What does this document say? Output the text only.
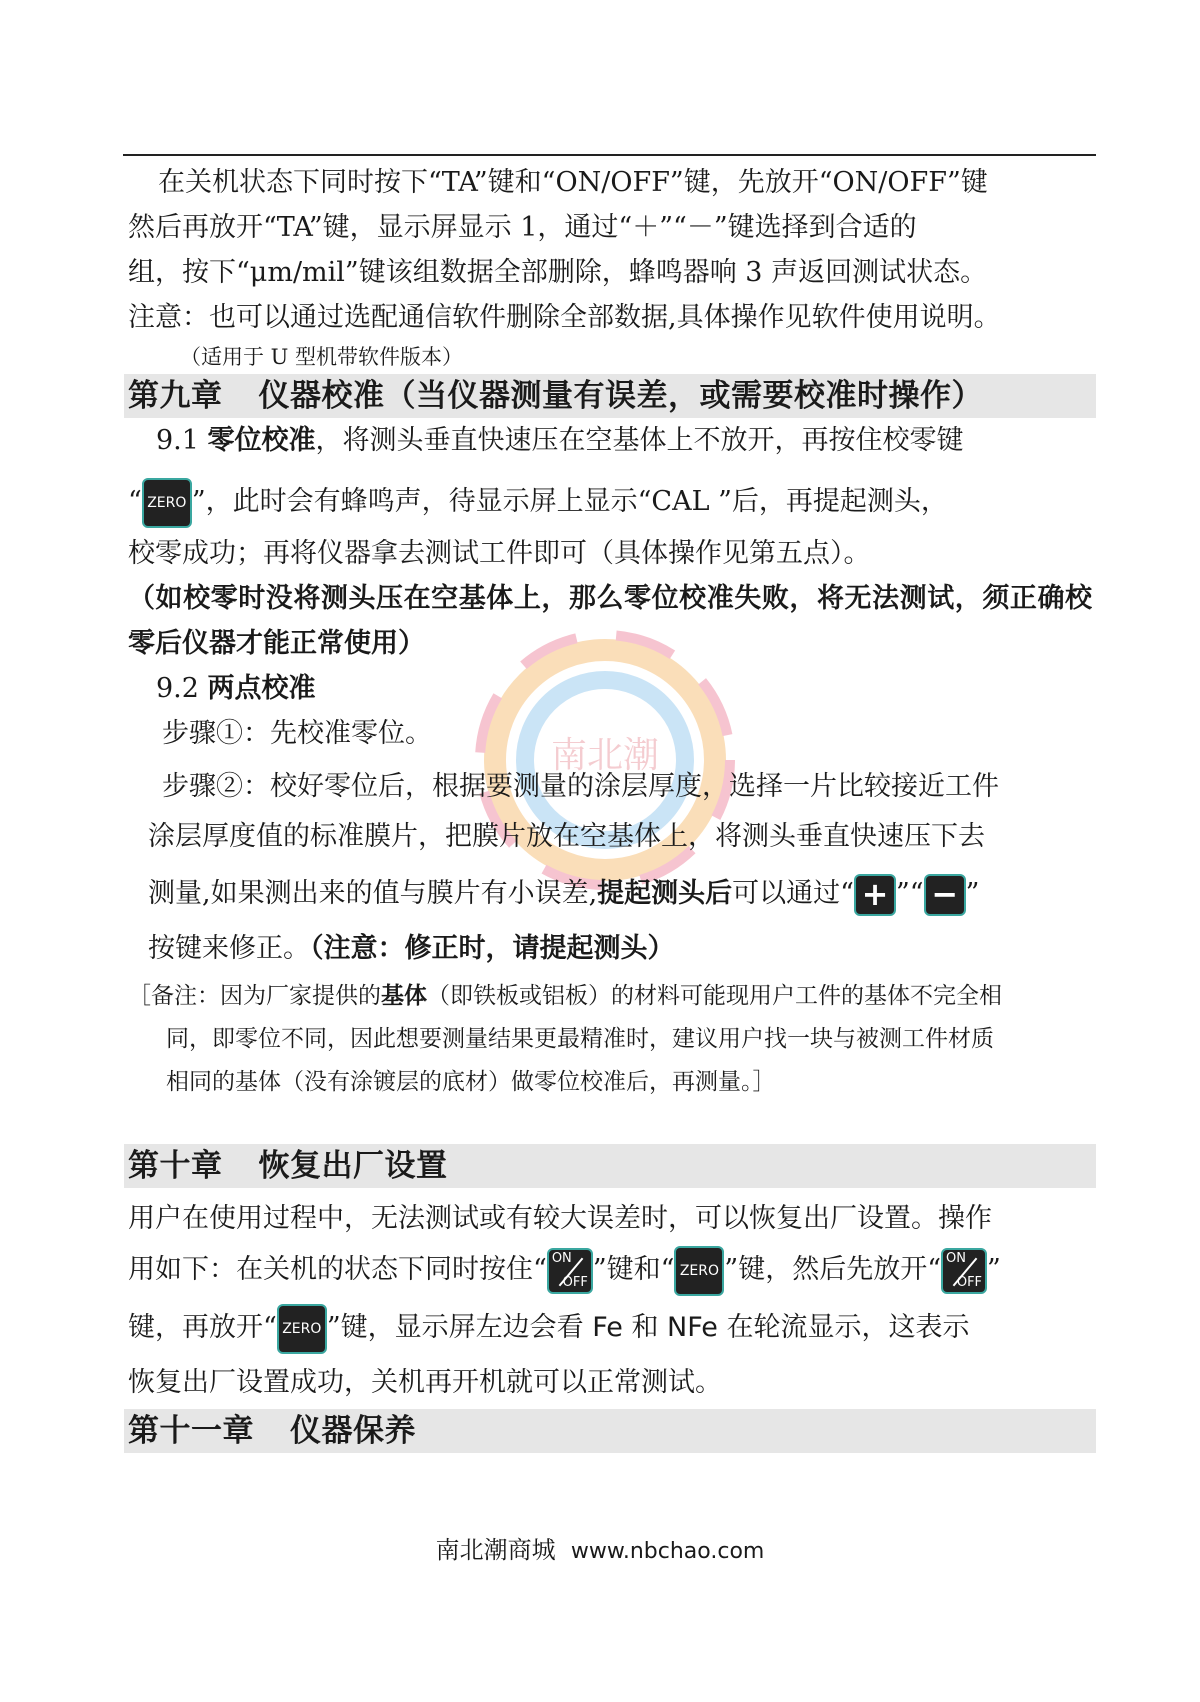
南北潮

在关机状态下同时按下“TA”键和“ON/OFF”键，先放开“ON/OFF”键

然后再放开“TA”键，显示屏显示 1，通过“＋”“－”键选择到合适的

组，按下“μm/mil”键该组数据全部删除，蜂鸣器响 3 声返回测试状态。

注意：也可以通过选配通信软件删除全部数据,具体操作见软件使用说明。

（适用于 U 型机带软件版本）

第九章 仪器校准（当仪器测量有误差，或需要校准时操作）

9.1 零位校准，将测头垂直快速压在空基体上不放开，再按住校零键

“ ZERO ”，此时会有蜂鸣声，待显示屏上显示“CAL ”后，再提起测头，

校零成功；再将仪器拿去测试工件即可（具体操作见第五点）。

（如校零时没将测头压在空基体上，那么零位校准失败，将无法测试，须正确校零后仪器才能正常使用）

9.2 两点校准

步骤①：先校准零位。

步骤②：校好零位后，根据要测量的涂层厚度，选择一片比较接近工件

涂层厚度值的标准膜片，把膜片放在空基体上，将测头垂直快速压下去

测量,如果测出来的值与膜片有小误差,提起测头后可以通过“ + ”“ − ”

按键来修正。（注意：修正时，请提起测头）

［备注：因为厂家提供的基体（即铁板或铝板）的材料可能现用户工件的基体不完全相
同，即零位不同，因此想要测量结果更最精准时，建议用户找一块与被测工件材质
相同的基体（没有涂镀层的底材）做零位校准后，再测量。］

第十章 恢复出厂设置

用户在使用过程中，无法测试或有较大误差时，可以恢复出厂设置。操作

用如下：在关机的状态下同时按住“ ON
OFF ”键和“ ZERO ”键，然后先放开“ ON
OFF ”

键，再放开“ ZERO ”键，显示屏左边会看 Fe 和 NFe 在轮流显示，这表示

恢复出厂设置成功，关机再开机就可以正常测试。

第十一章 仪器保养
南北潮商城 www.nbchao.com
